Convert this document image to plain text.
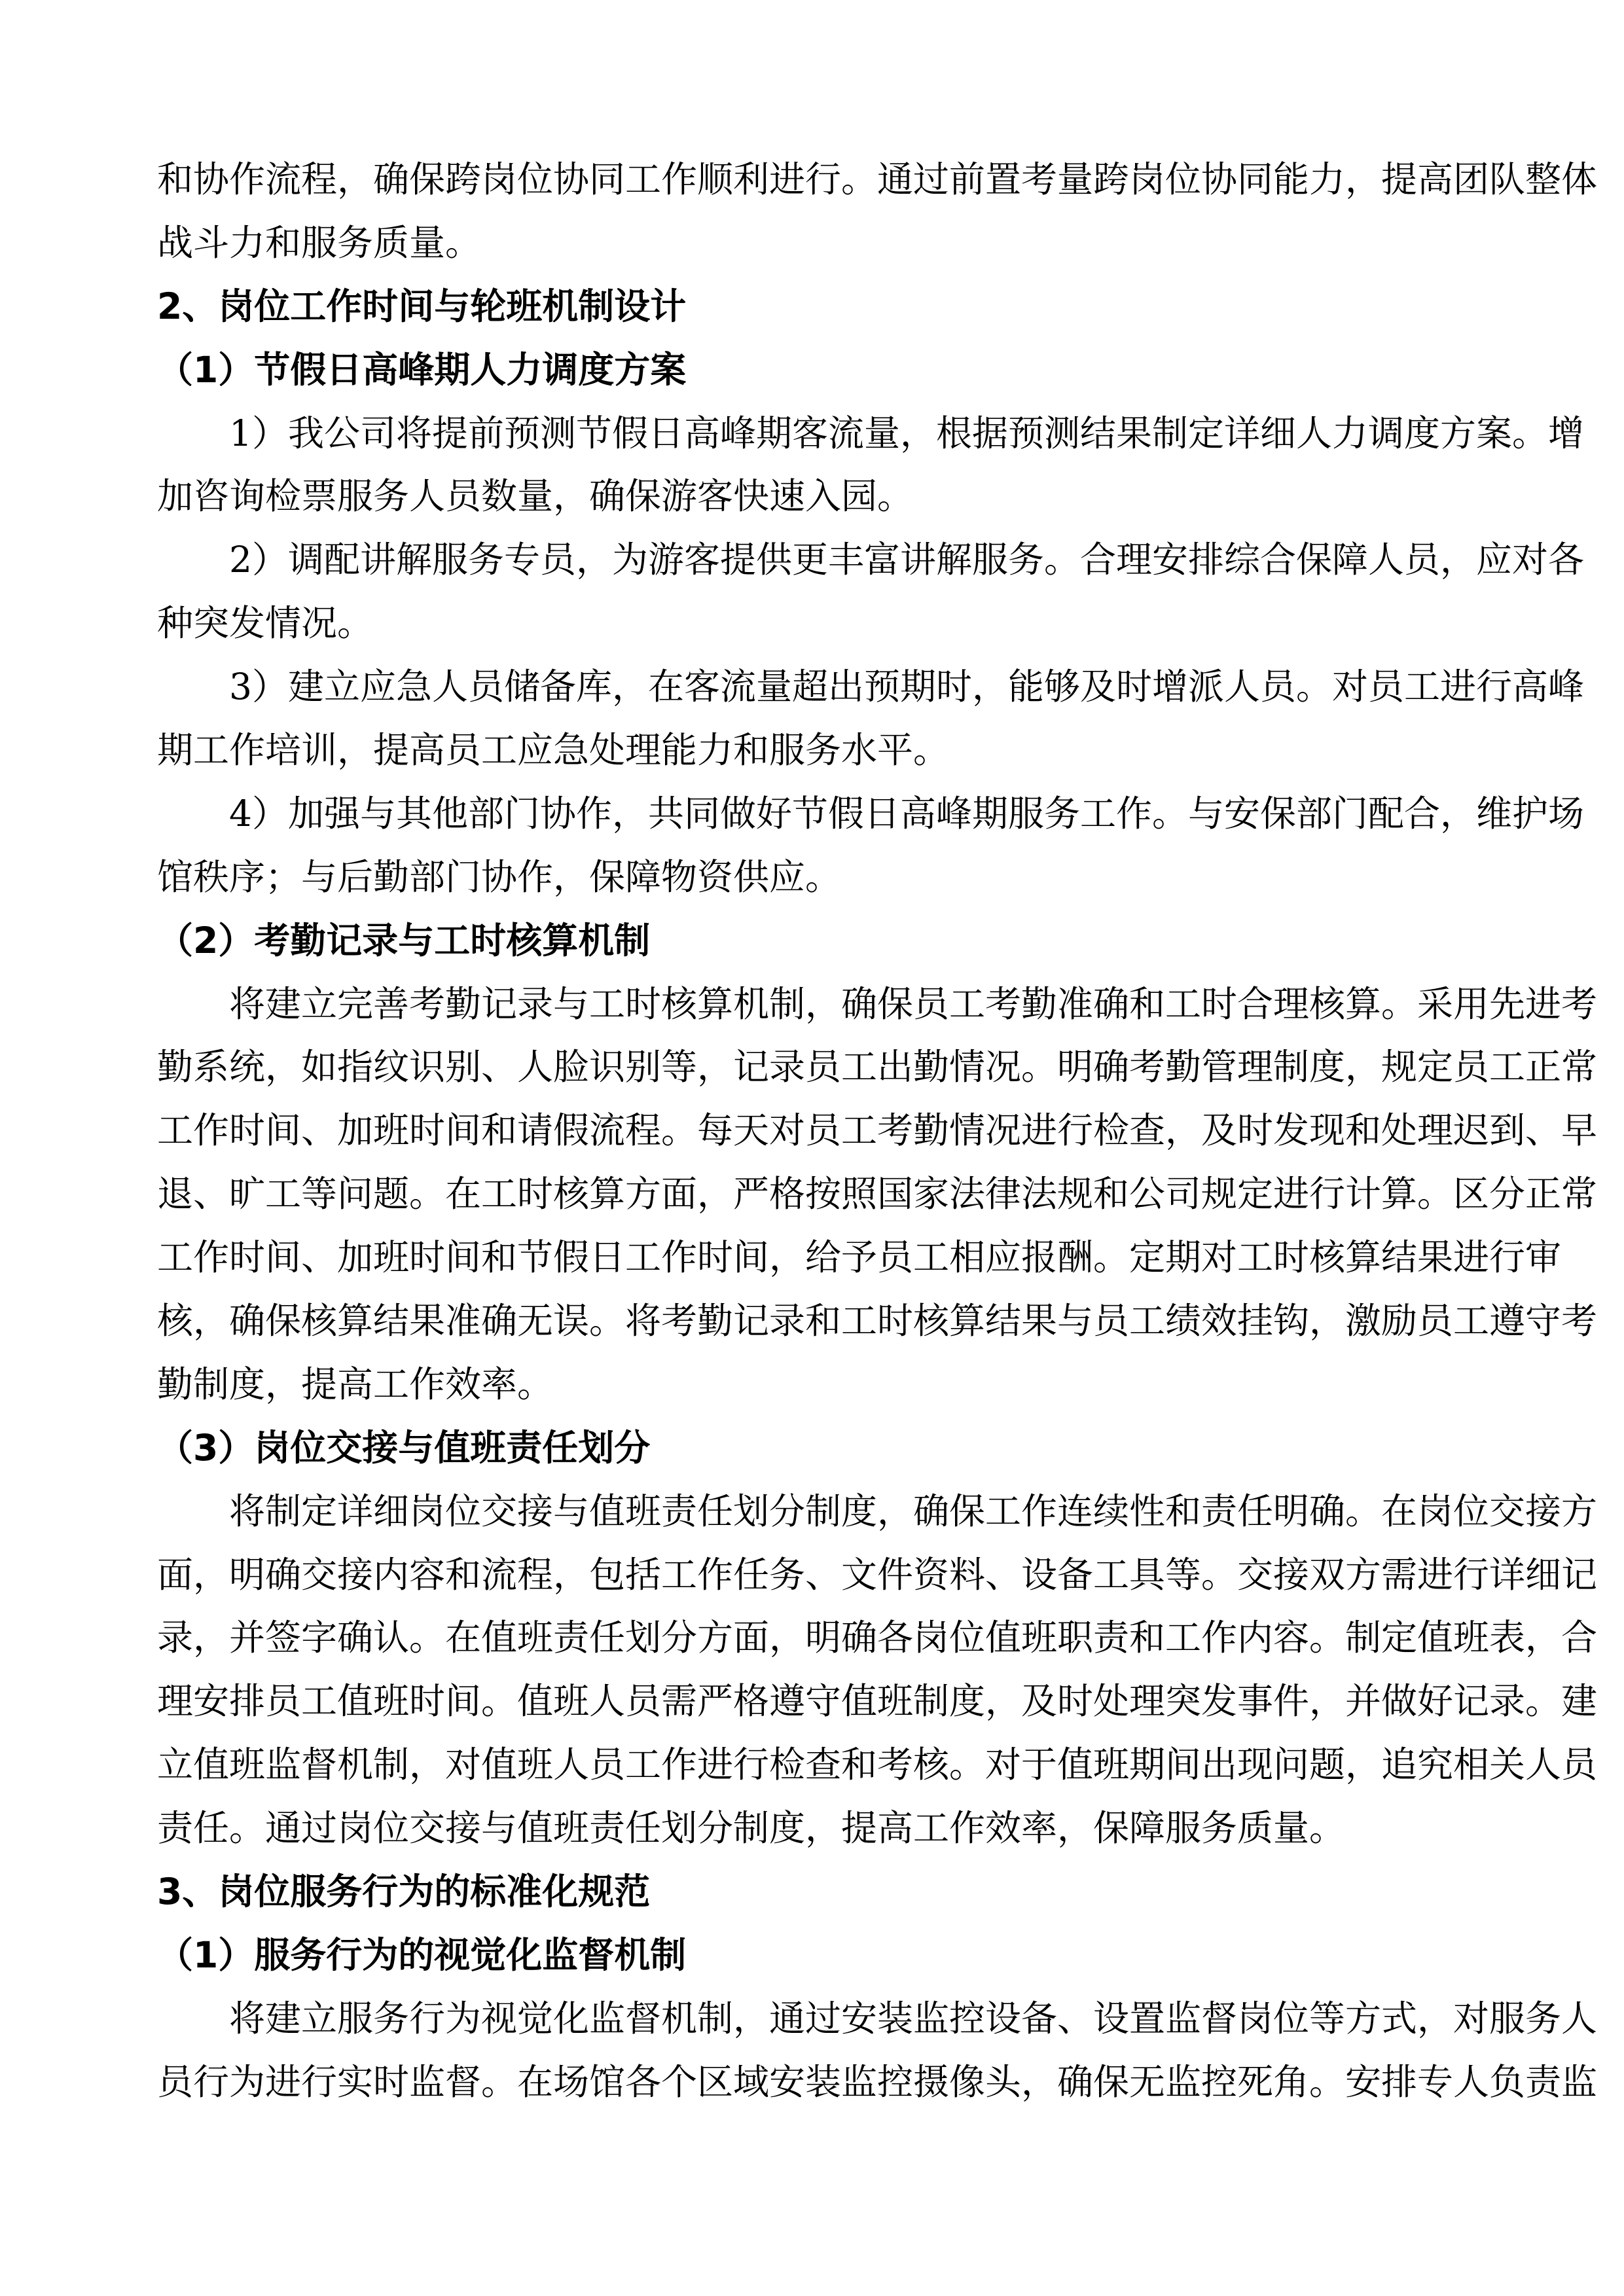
和协作流程，确保跨岗位协同工作顺利进行。通过前置考量跨岗位协同能力，提高团队整体
战斗力和服务质量。
2、岗位工作时间与轮班机制设计
（1）节假日高峰期人力调度方案
1）我公司将提前预测节假日高峰期客流量，根据预测结果制定详细人力调度方案。增
加咨询检票服务人员数量，确保游客快速入园。
2）调配讲解服务专员，为游客提供更丰富讲解服务。合理安排综合保障人员，应对各
种突发情况。
3）建立应急人员储备库，在客流量超出预期时，能够及时增派人员。对员工进行高峰
期工作培训，提高员工应急处理能力和服务水平。
4）加强与其他部门协作，共同做好节假日高峰期服务工作。与安保部门配合，维护场
馆秩序；与后勤部门协作，保障物资供应。
（2）考勤记录与工时核算机制
将建立完善考勤记录与工时核算机制，确保员工考勤准确和工时合理核算。采用先进考
勤系统，如指纹识别、人脸识别等，记录员工出勤情况。明确考勤管理制度，规定员工正常
工作时间、加班时间和请假流程。每天对员工考勤情况进行检查，及时发现和处理迟到、早
退、旷工等问题。在工时核算方面，严格按照国家法律法规和公司规定进行计算。区分正常
工作时间、加班时间和节假日工作时间，给予员工相应报酬。定期对工时核算结果进行审
核，确保核算结果准确无误。将考勤记录和工时核算结果与员工绩效挂钩，激励员工遵守考
勤制度，提高工作效率。
（3）岗位交接与值班责任划分
将制定详细岗位交接与值班责任划分制度，确保工作连续性和责任明确。在岗位交接方
面，明确交接内容和流程，包括工作任务、文件资料、设备工具等。交接双方需进行详细记
录，并签字确认。在值班责任划分方面，明确各岗位值班职责和工作内容。制定值班表，合
理安排员工值班时间。值班人员需严格遵守值班制度，及时处理突发事件，并做好记录。建
立值班监督机制，对值班人员工作进行检查和考核。对于值班期间出现问题，追究相关人员
责任。通过岗位交接与值班责任划分制度，提高工作效率，保障服务质量。
3、岗位服务行为的标准化规范
（1）服务行为的视觉化监督机制
将建立服务行为视觉化监督机制，通过安装监控设备、设置监督岗位等方式，对服务人
员行为进行实时监督。在场馆各个区域安装监控摄像头，确保无监控死角。安排专人负责监
